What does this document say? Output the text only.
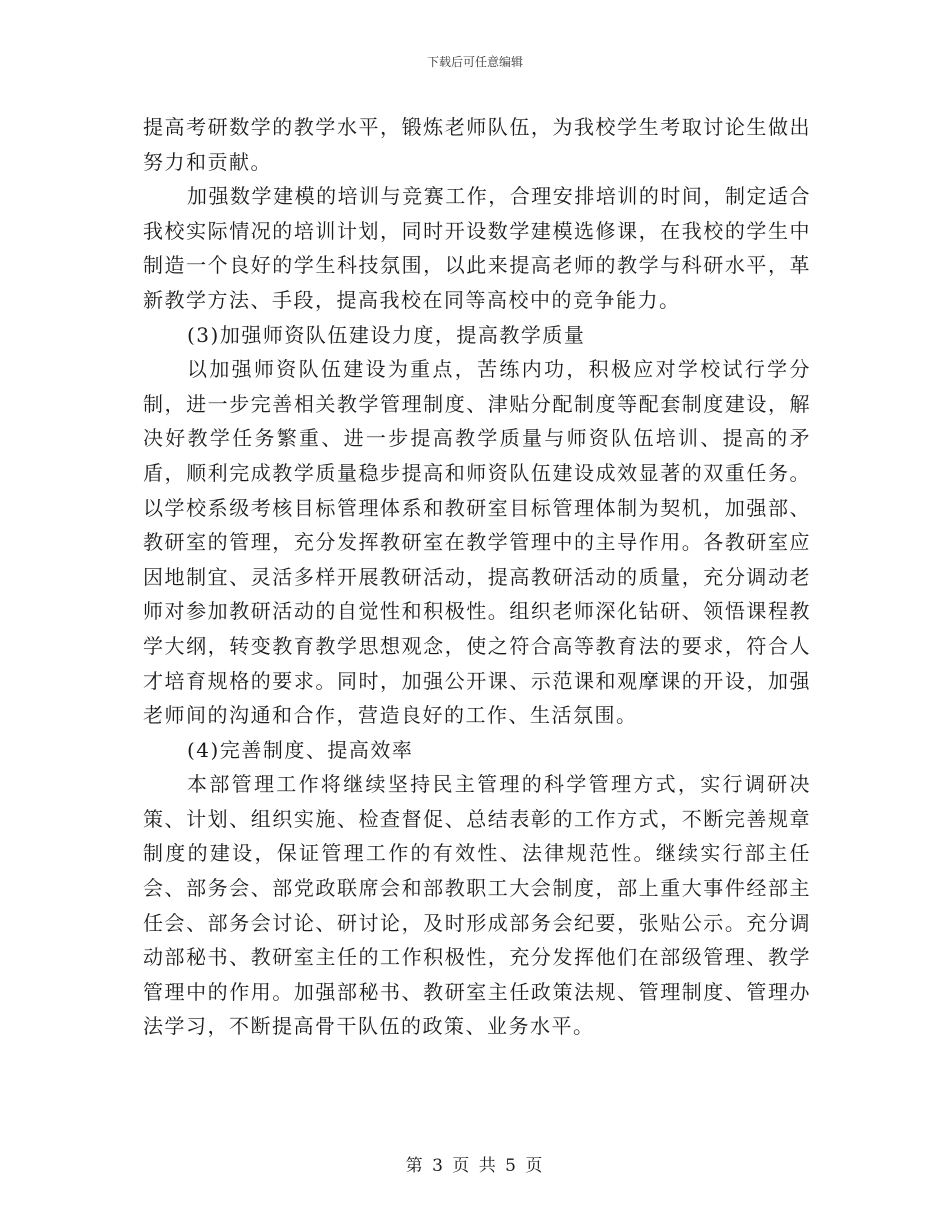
下载后可任意编辑

提高考研数学的教学水平，锻炼老师队伍，为我校学生考取讨论生做出努力和贡献。

加强数学建模的培训与竞赛工作，合理安排培训的时间，制定适合我校实际情况的培训计划，同时开设数学建模选修课，在我校的学生中制造一个良好的学生科技氛围，以此来提高老师的教学与科研水平，革新教学方法、手段，提高我校在同等高校中的竞争能力。

(3)加强师资队伍建设力度，提高教学质量

以加强师资队伍建设为重点，苦练内功，积极应对学校试行学分制，进一步完善相关教学管理制度、津贴分配制度等配套制度建设，解决好教学任务繁重、进一步提高教学质量与师资队伍培训、提高的矛盾，顺利完成教学质量稳步提高和师资队伍建设成效显著的双重任务。以学校系级考核目标管理体系和教研室目标管理体制为契机，加强部、教研室的管理，充分发挥教研室在教学管理中的主导作用。各教研室应因地制宜、灵活多样开展教研活动，提高教研活动的质量，充分调动老师对参加教研活动的自觉性和积极性。组织老师深化钻研、领悟课程教学大纲，转变教育教学思想观念，使之符合高等教育法的要求，符合人才培育规格的要求。同时，加强公开课、示范课和观摩课的开设，加强老师间的沟通和合作，营造良好的工作、生活氛围。

(4)完善制度、提高效率

本部管理工作将继续坚持民主管理的科学管理方式，实行调研决策、计划、组织实施、检查督促、总结表彰的工作方式，不断完善规章制度的建设，保证管理工作的有效性、法律规范性。继续实行部主任会、部务会、部党政联席会和部教职工大会制度，部上重大事件经部主任会、部务会讨论、研讨论，及时形成部务会纪要，张贴公示。充分调动部秘书、教研室主任的工作积极性，充分发挥他们在部级管理、教学管理中的作用。加强部秘书、教研室主任政策法规、管理制度、管理办法学习，不断提高骨干队伍的政策、业务水平。

第 3 页 共 5 页
